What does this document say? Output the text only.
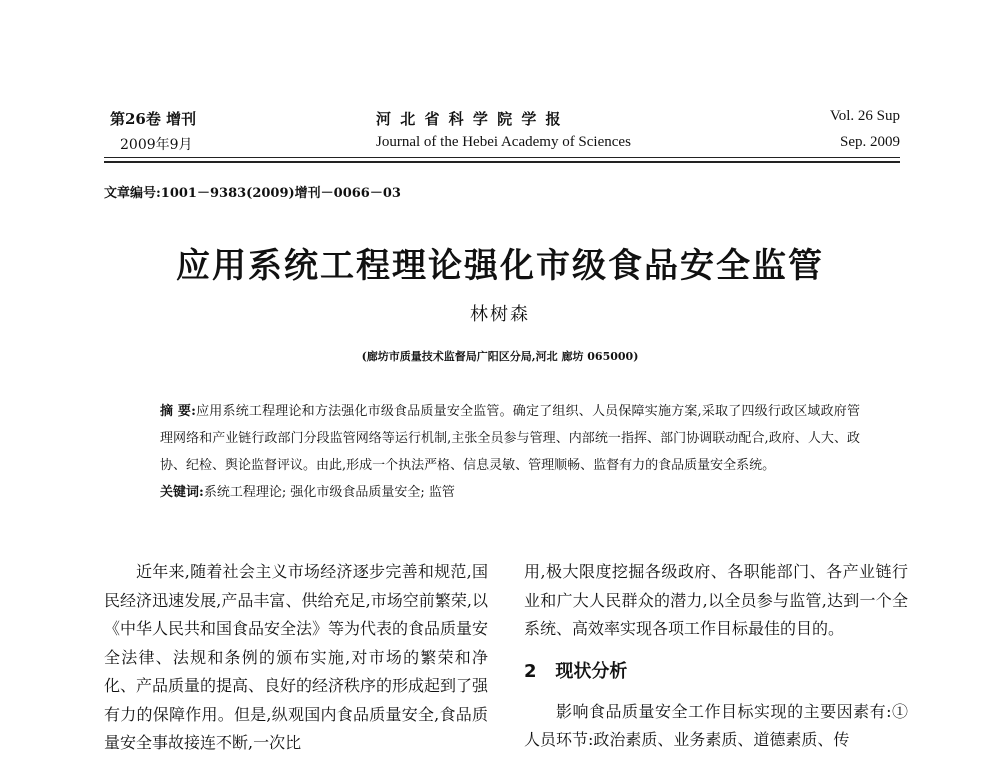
第26卷 增刊
2009年9月
河 北 省 科 学 院 学 报
Journal of the Hebei Academy of Sciences
Vol. 26 Sup
Sep. 2009
文章编号:1001－9383(2009)增刊－0066－03
应用系统工程理论强化市级食品安全监管
林树森
(廊坊市质量技术监督局广阳区分局,河北 廊坊 065000)
摘 要:应用系统工程理论和方法强化市级食品质量安全监管。确定了组织、人员保障实施方案,采取了四级行政区域政府管理网络和产业链行政部门分段监管网络等运行机制,主张全员参与管理、内部统一指挥、部门协调联动配合,政府、人大、政协、纪检、舆论监督评议。由此,形成一个执法严格、信息灵敏、管理顺畅、监督有力的食品质量安全系统。
关键词:系统工程理论; 强化市级食品质量安全; 监管

近年来,随着社会主义市场经济逐步完善和规范,国民经济迅速发展,产品丰富、供给充足,市场空前繁荣,以《中华人民共和国食品安全法》等为代表的食品质量安全法律、法规和条例的颁布实施,对市场的繁荣和净化、产品质量的提高、良好的经济秩序的形成起到了强有力的保障作用。但是,纵观国内食品质量安全,食品质量安全事故接连不断,一次比

用,极大限度挖掘各级政府、各职能部门、各产业链行业和广大人民群众的潜力,以全员参与监管,达到一个全系统、高效率实现各项工作目标最佳的目的。

2 现状分析

影响食品质量安全工作目标实现的主要因素有:①人员环节:政治素质、业务素质、道德素质、传
